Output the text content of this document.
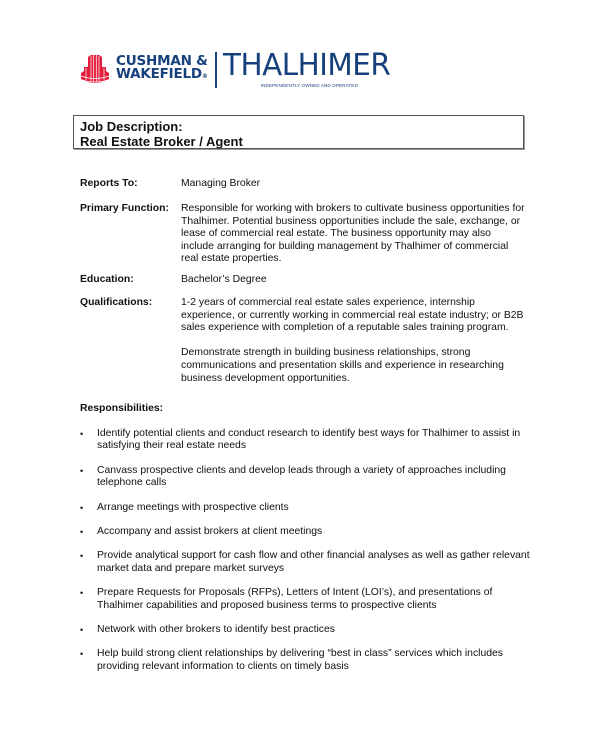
CUSHMAN &
WAKEFIELD® THALHIMER
INDEPENDENTLY OWNED AND OPERATED
Job Description:
Real Estate Broker / Agent
Reports To:	Managing Broker
Primary Function:	Responsible for working with brokers to cultivate business opportunities for Thalhimer. Potential business opportunities include the sale, exchange, or lease of commercial real estate. The business opportunity may also include arranging for building management by Thalhimer of commercial real estate properties.
Education:	Bachelor’s Degree
Qualifications:	1-2 years of commercial real estate sales experience, internship experience, or currently working in commercial real estate industry; or B2B sales experience with completion of a reputable sales training program.
Demonstrate strength in building business relationships, strong communications and presentation skills and experience in researching business development opportunities.
Responsibilities:
• Identify potential clients and conduct research to identify best ways for Thalhimer to assist in satisfying their real estate needs
• Canvass prospective clients and develop leads through a variety of approaches including telephone calls
• Arrange meetings with prospective clients
• Accompany and assist brokers at client meetings
• Provide analytical support for cash flow and other financial analyses as well as gather relevant market data and prepare market surveys
• Prepare Requests for Proposals (RFPs), Letters of Intent (LOI’s), and presentations of Thalhimer capabilities and proposed business terms to prospective clients
• Network with other brokers to identify best practices
• Help build strong client relationships by delivering “best in class” services which includes providing relevant information to clients on timely basis
